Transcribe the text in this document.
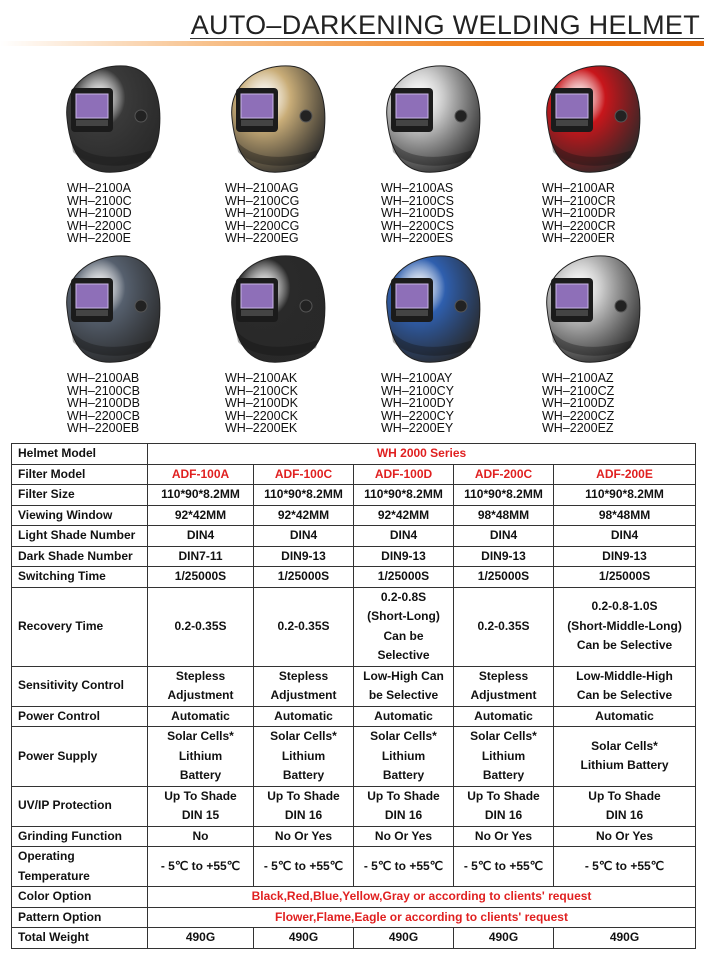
AUTO–DARKENING WELDING HELMET
WH–2100A
WH–2100C
WH–2100D
WH–2200C
WH–2200E
WH–2100AG
WH–2100CG
WH–2100DG
WH–2200CG
WH–2200EG
WH–2100AS
WH–2100CS
WH–2100DS
WH–2200CS
WH–2200ES
WH–2100AR
WH–2100CR
WH–2100DR
WH–2200CR
WH–2200ER
WH–2100AB
WH–2100CB
WH–2100DB
WH–2200CB
WH–2200EB
WH–2100AK
WH–2100CK
WH–2100DK
WH–2200CK
WH–2200EK
WH–2100AY
WH–2100CY
WH–2100DY
WH–2200CY
WH–2200EY
WH–2100AZ
WH–2100CZ
WH–2100DZ
WH–2200CZ
WH–2200EZ
Helmet Model	WH 2000 Series				

Filter Model	ADF-100A	ADF-100C	ADF-100D	ADF-200C	ADF-200E

Filter Size	110*90*8.2MM	110*90*8.2MM	110*90*8.2MM	110*90*8.2MM	110*90*8.2MM

Viewing Window	92*42MM	92*42MM	92*42MM	98*48MM	98*48MM

Light Shade Number	DIN4	DIN4	DIN4	DIN4	DIN4

Dark Shade Number	DIN7-11	DIN9-13	DIN9-13	DIN9-13	DIN9-13

Switching Time	1/25000S	1/25000S	1/25000S	1/25000S	1/25000S

Recovery Time	0.2-0.35S	0.2-0.35S	0.2-0.8S
(Short-Long)
Can be
Selective	0.2-0.35S	0.2-0.8-1.0S
(Short-Middle-Long)
Can be Selective

Sensitivity Control	Stepless
Adjustment	Stepless
Adjustment	Low-High Can
be Selective	Stepless
Adjustment	Low-Middle-High
Can be Selective

Power Control	Automatic	Automatic	Automatic	Automatic	Automatic

Power Supply	Solar Cells*
Lithium
Battery	Solar Cells*
Lithium
Battery	Solar Cells*
Lithium
Battery	Solar Cells*
Lithium
Battery	Solar Cells*
Lithium Battery

UV/IP Protection	Up To Shade
DIN 15	Up To Shade
DIN 16	Up To Shade
DIN 16	Up To Shade
DIN 16	Up To Shade
DIN 16

Grinding Function	No	No Or Yes	No Or Yes	No Or Yes	No Or Yes

Operating
Temperature	- 5℃ to +55℃	- 5℃ to +55℃	- 5℃ to +55℃	- 5℃ to +55℃	- 5℃ to +55℃

Color Option	Black,Red,Blue,Yellow,Gray or according to clients' request				

Pattern Option	Flower,Flame,Eagle or according to clients' request				

Total Weight	490G	490G	490G	490G	490G
